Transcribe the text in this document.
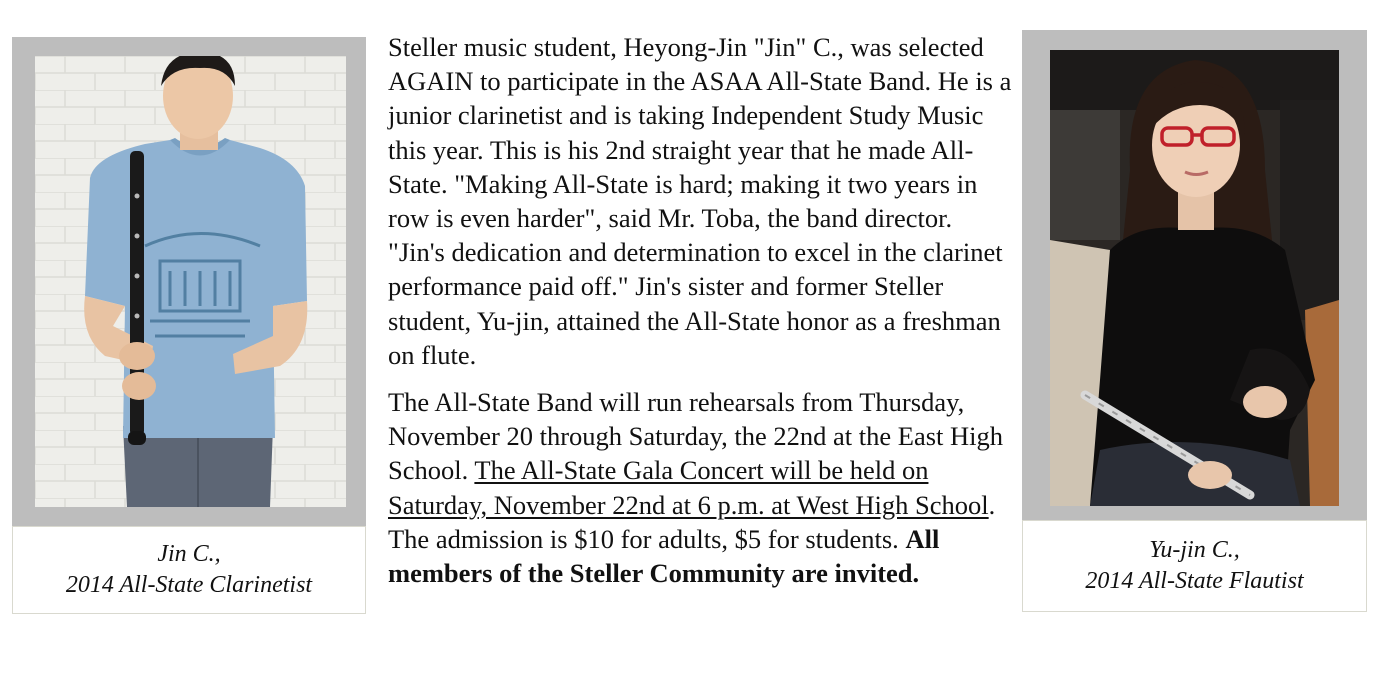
Jin C.,
2014 All-State Clarinetist

Steller music student, Heyong-Jin "Jin" C., was selected AGAIN to participate in the ASAA All-State Band. He is a junior clarinetist and is taking Independent Study Music this year. This is his 2nd straight year that he made All-State. "Making All-State is hard; making it two years in row is even harder", said Mr. Toba, the band director. "Jin's dedication and determination to excel in the clarinet performance paid off." Jin's sister and former Steller student, Yu-jin, attained the All-State honor as a freshman on flute.

The All-State Band will run rehearsals from Thursday, November 20 through Saturday, the 22nd at the East High School. The All-State Gala Concert will be held on Saturday, November 22nd at 6 p.m. at West High School. The admission is $10 for adults, $5 for students. All members of the Steller Community are invited.

Yu-jin C.,
2014 All-State Flautist
